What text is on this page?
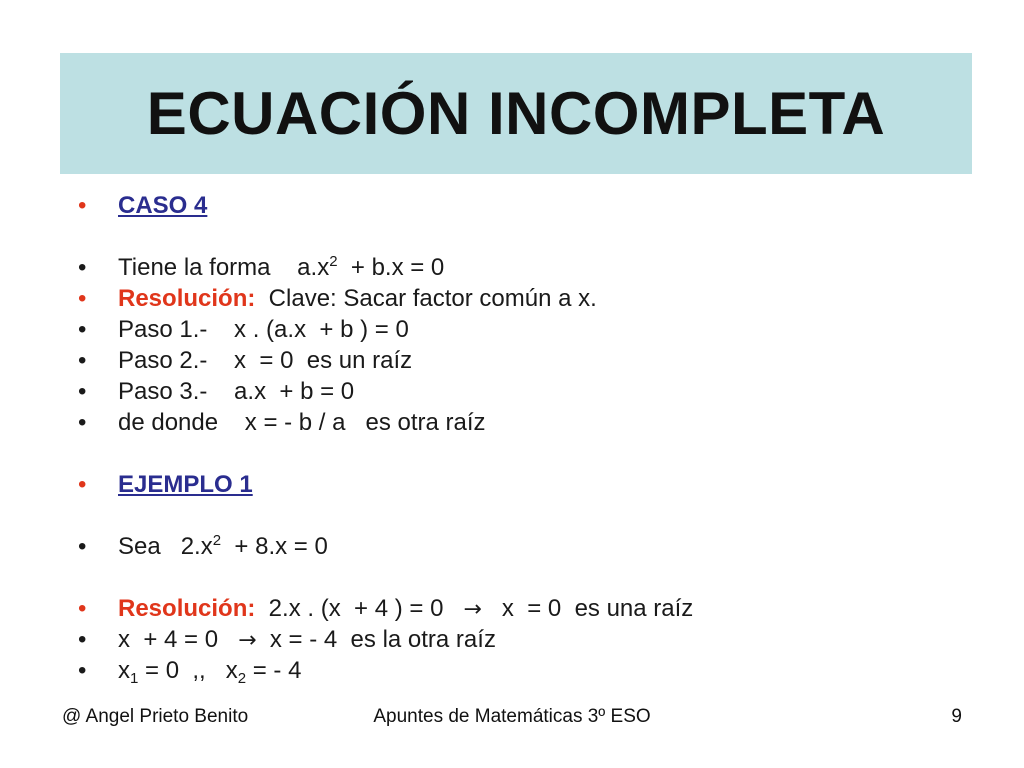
ECUACIÓN INCOMPLETA
•	CASO 4
•	Tiene la forma    $a.x^2 + b.x = 0$
•	Resolución: Clave: Sacar factor común a x.
•	Paso 1.-    x . (a.x  + b ) = 0
•	Paso 2.-    x  = 0  es un raíz
•	Paso 3.-    a.x  + b = 0
•	de donde    x = - b / a   es otra raíz
•	EJEMPLO 1
•	Sea   $2.x^2 + 8.x = 0$
•	Resolución: 2.x . (x  + 4 ) = 0 → x  = 0  es una raíz
•	x  + 4 = 0 → x = - 4  es la otra raíz
•	$x_1 = 0$  ,,   $x_2$ = - 4
@ Angel Prieto Benito	Apuntes de Matemáticas 3º ESO	9
